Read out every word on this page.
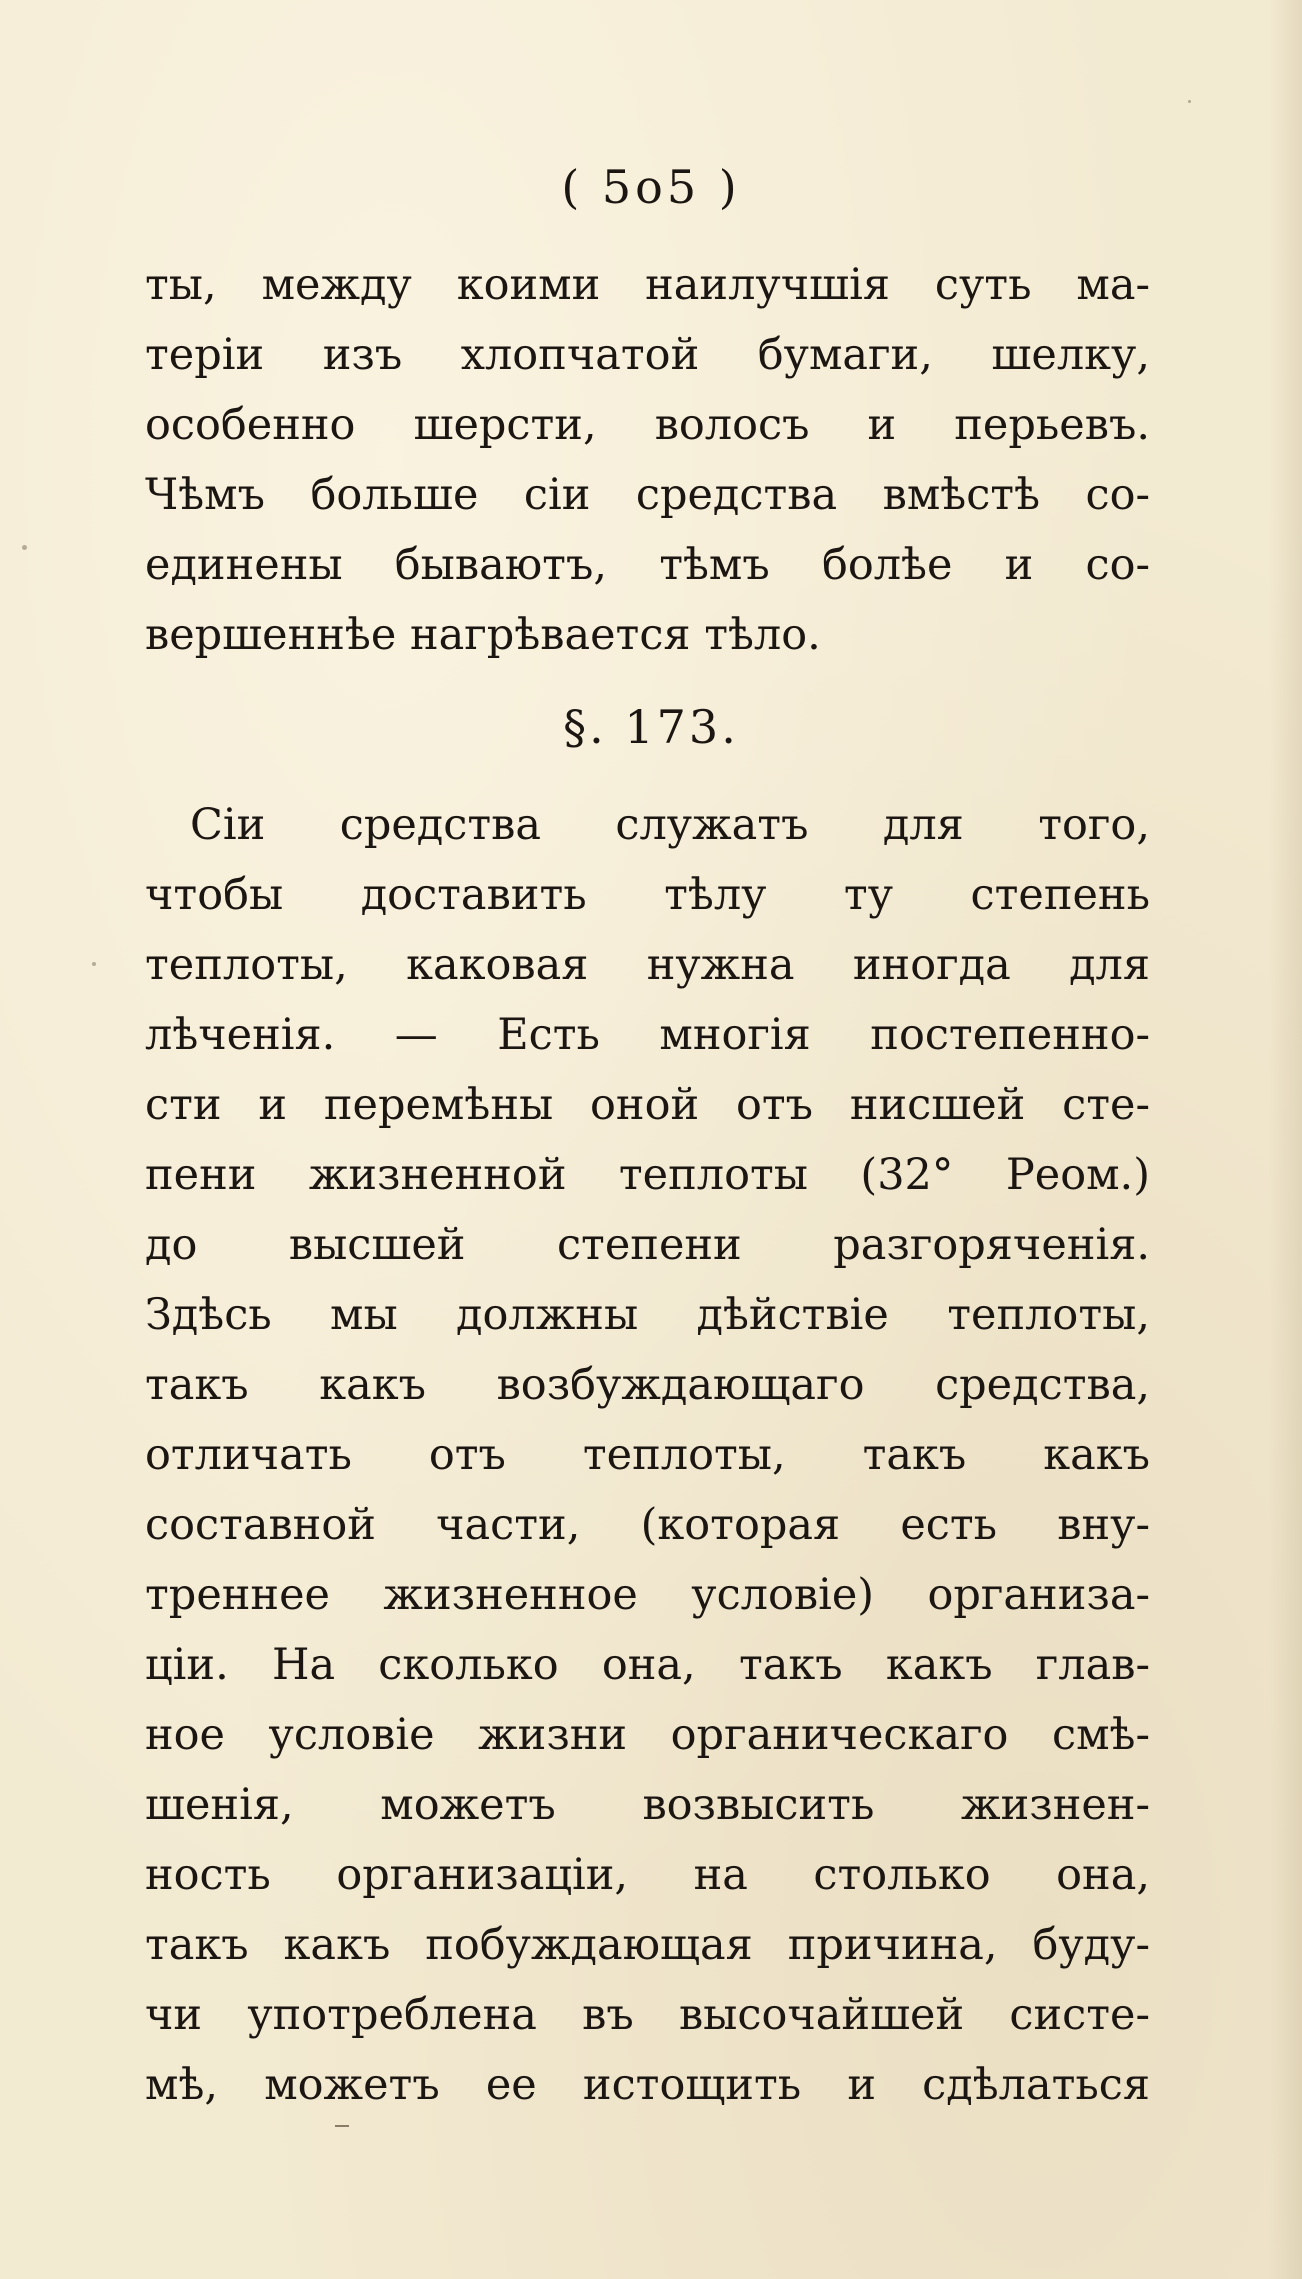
( 5o5 )
ты, между коими наилучшія суть ма-
теріи изъ хлопчатой бумаги, шелку,
особенно шерсти, волосъ и перьевъ.
Чѣмъ больше сіи средства вмѣстѣ со-
единены бываютъ, тѣмъ болѣе и со-
вершеннѣе нагрѣвается тѣло.
§. 173.
Сіи средства служатъ для того,
чтобы доставить тѣлу ту степень
теплоты, каковая нужна иногда для
лѣченія. — Есть многія постепенно-
сти и перемѣны оной отъ нисшей сте-
пени жизненной теплоты (32° Реом.)
до высшей степени разгоряченія.
Здѣсь мы должны дѣйствіе теплоты,
такъ какъ возбуждающаго средства,
отличать отъ теплоты, такъ какъ
составной части, (которая есть вну-
треннее жизненное условіе) организа-
ціи. На сколько она, такъ какъ глав-
ное условіе жизни органическаго смѣ-
шенія, можетъ возвысить жизнен-
ность организаціи, на столько она,
такъ какъ побуждающая причина, буду-
чи употреблена въ высочайшей систе-
мѣ, можетъ ее истощить и сдѣлаться
